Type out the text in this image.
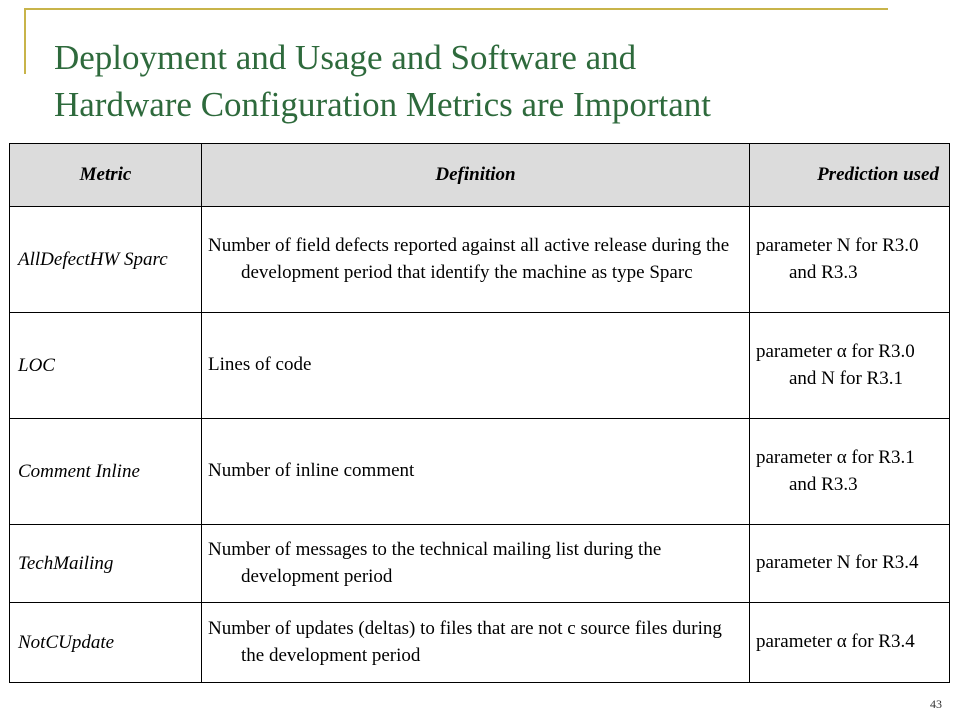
Deployment and Usage and Software and
Hardware Configuration Metrics are Important
Metric	Definition	Prediction used
AllDefectHW Sparc	Number of field defects reported against all active release during the development period that identify the machine as type Sparc	parameter N for R3.0 and R3.3

LOC	Lines of code	parameter α for R3.0 and N for R3.1

Comment Inline	Number of inline comment	parameter α for R3.1 and R3.3

TechMailing	Number of messages to the technical mailing list during the development period	parameter N for R3.4

NotCUpdate	Number of updates (deltas) to files that are not c source files during the development period	parameter α for R3.4
43
